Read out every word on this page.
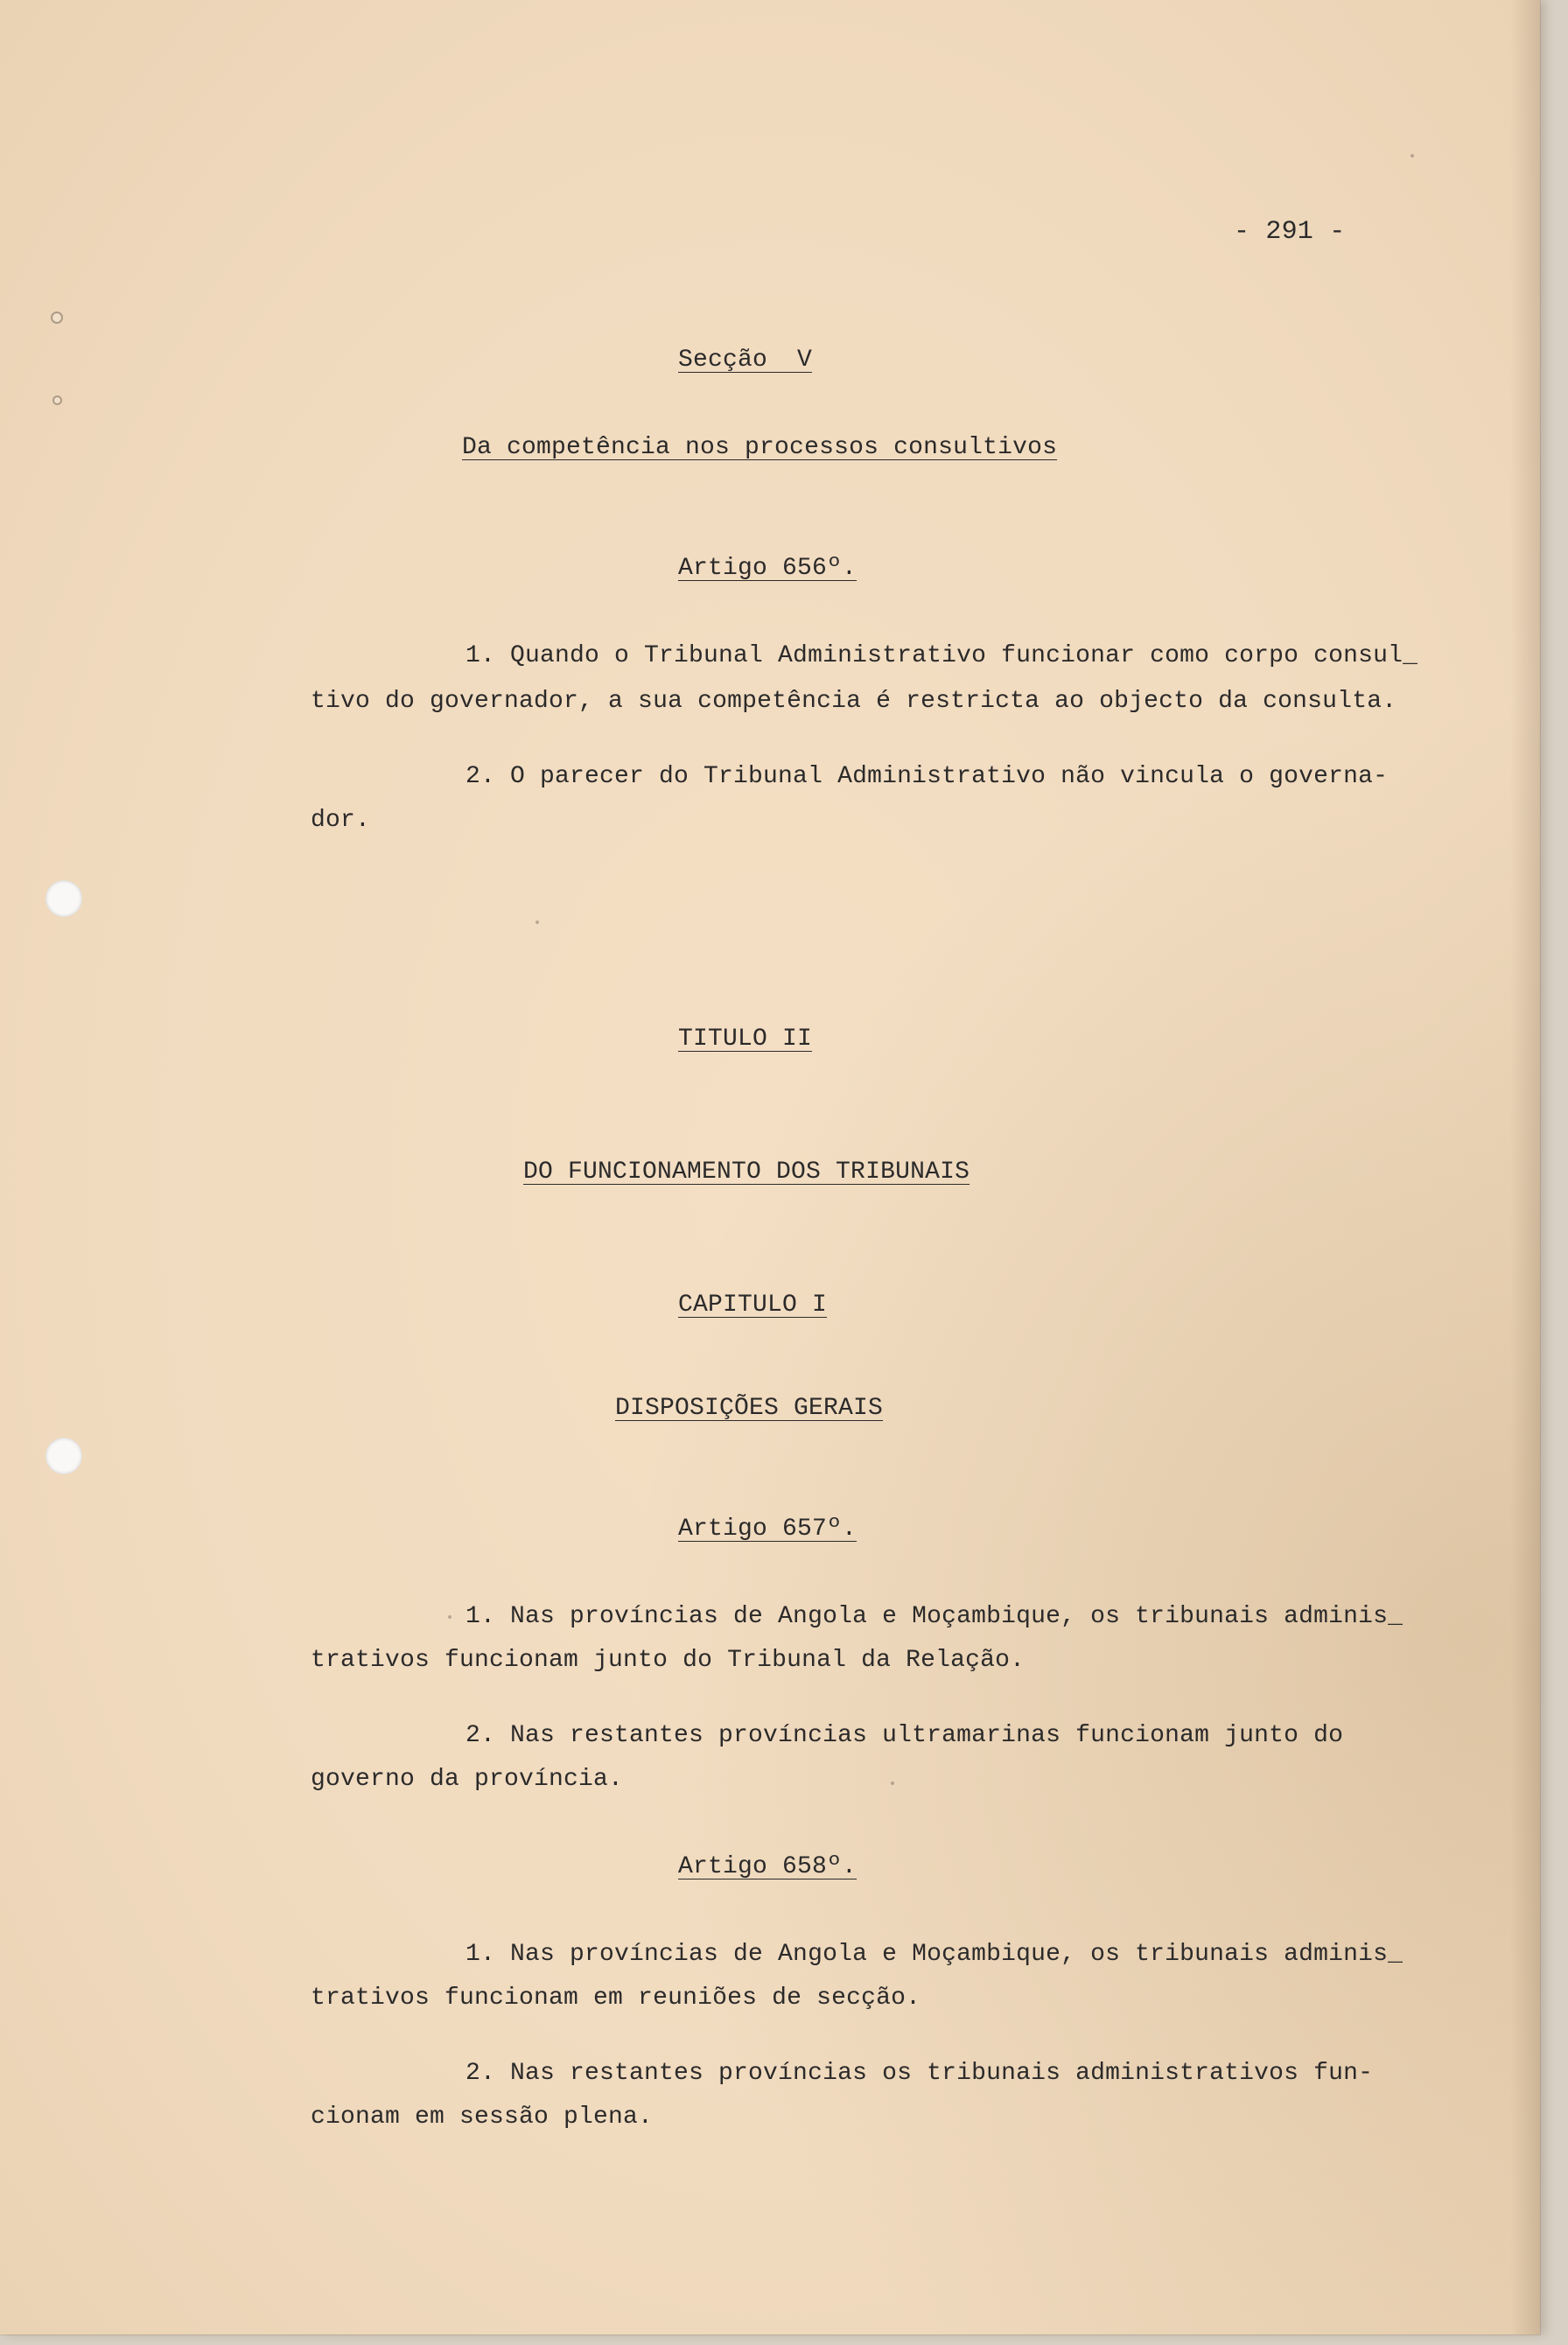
- 291 -
Secção  V
Da competência nos processos consultivos
Artigo 656º.
1. Quando o Tribunal Administrativo funcionar como corpo consul_
tivo do governador, a sua competência é restricta ao objecto da consulta.
2. O parecer do Tribunal Administrativo não vincula o governa-
dor.
TITULO II
DO FUNCIONAMENTO DOS TRIBUNAIS
CAPITULO I
DISPOSIÇÕES GERAIS
Artigo 657º.
1. Nas províncias de Angola e Moçambique, os tribunais adminis_
trativos funcionam junto do Tribunal da Relação.
2. Nas restantes províncias ultramarinas funcionam junto do
governo da província.
Artigo 658º.
1. Nas províncias de Angola e Moçambique, os tribunais adminis_
trativos funcionam em reuniões de secção.
2. Nas restantes províncias os tribunais administrativos fun-
cionam em sessão plena.
